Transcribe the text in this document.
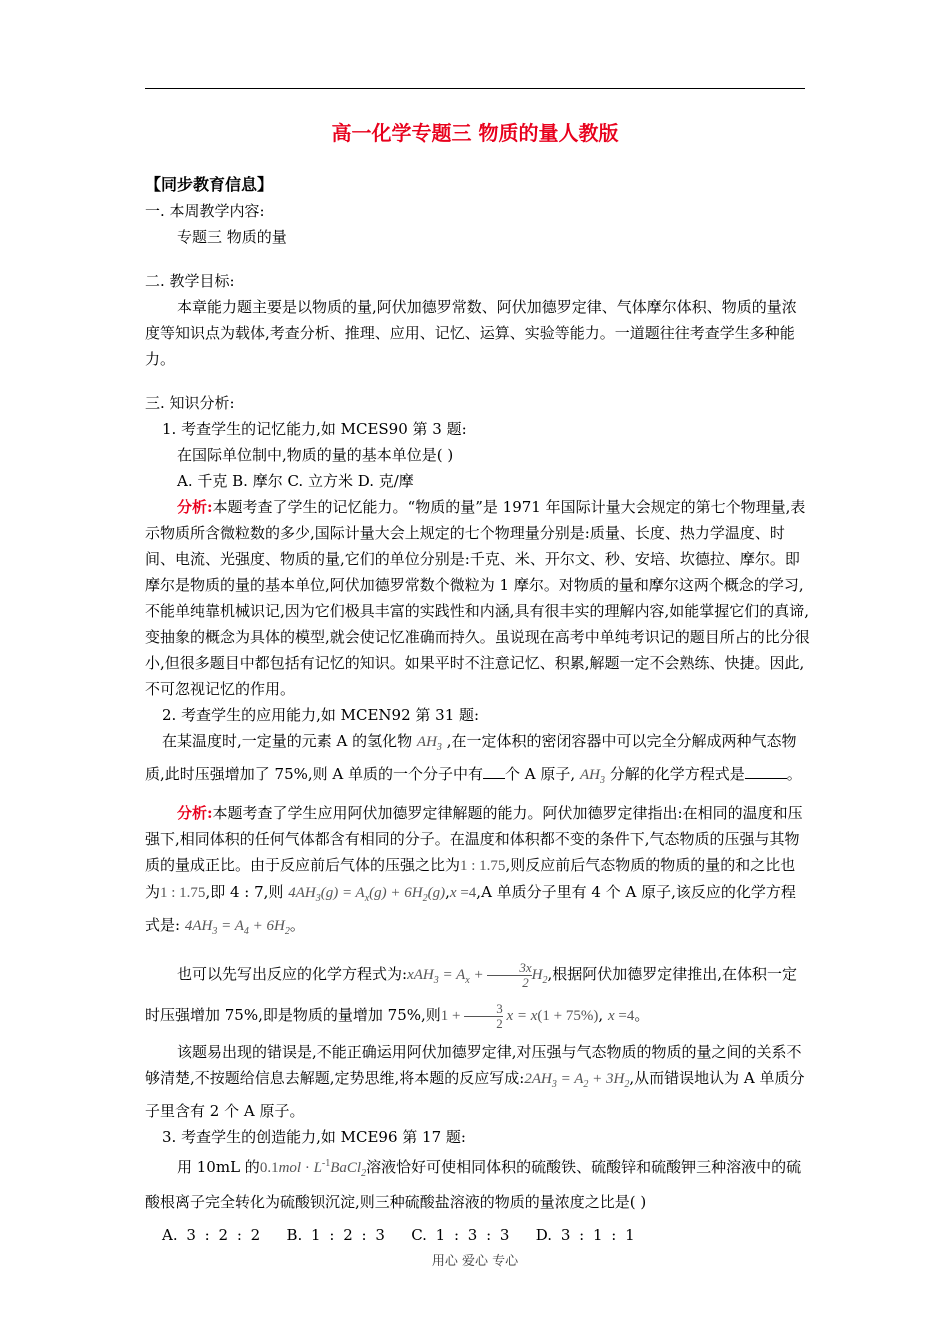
高一化学专题三 物质的量人教版

【同步教育信息】

一. 本周教学内容:

专题三 物质的量

二. 教学目标:

本章能力题主要是以物质的量,阿伏加德罗常数、阿伏加德罗定律、气体摩尔体积、物质的量浓度等知识点为载体,考查分析、推理、应用、记忆、运算、实验等能力。一道题往往考查学生多种能力。

三. 知识分析:

1. 考查学生的记忆能力,如 MCES90 第 3 题:

在国际单位制中,物质的量的基本单位是( )

A. 千克 B. 摩尔 C. 立方米 D. 克/摩

分析:本题考查了学生的记忆能力。“物质的量”是 1971 年国际计量大会规定的第七个物理量,表示物质所含微粒数的多少,国际计量大会上规定的七个物理量分别是:质量、长度、热力学温度、时间、电流、光强度、物质的量,它们的单位分别是:千克、米、开尔文、秒、安培、坎德拉、摩尔。即摩尔是物质的量的基本单位,阿伏加德罗常数个微粒为 1 摩尔。对物质的量和摩尔这两个概念的学习,不能单纯靠机械识记,因为它们极具丰富的实践性和内涵,具有很丰实的理解内容,如能掌握它们的真谛,变抽象的概念为具体的模型,就会使记忆准确而持久。虽说现在高考中单纯考识记的题目所占的比分很小,但很多题目中都包括有记忆的知识。如果平时不注意记忆、积累,解题一定不会熟练、快捷。因此,不可忽视记忆的作用。

2. 考查学生的应用能力,如 MCEN92 第 31 题:

在某温度时,一定量的元素 A 的氢化物 $AH_3$ ,在一定体积的密闭容器中可以完全分解成两种气态物质,此时压强增加了 75%,则 A 单质的一个分子中有 个 A 原子, $AH_3$ 分解的化学方程式是	。

分析:本题考查了学生应用阿伏加德罗定律解题的能力。阿伏加德罗定律指出:在相同的温度和压强下,相同体积的任何气体都含有相同的分子。在温度和体积都不变的条件下,气态物质的压强与其物质的量成正比。由于反应前后气体的压强之比为1 : 1.75,则反应前后气态物质的物质的量的和之比也为1 : 1.75,即 4 : 7,则 $4AH_3(g) = A_x(g) + 6H_2(g),x =4,A$ 单质分子里有 4 个 A 原子,该反应的化学方程式是: $4AH_3 = A_4 + 6H_2$。

也可以先写出反应的化学方程式为:xAH$_3$ = $A_x + \frac{3x}{2} H_2$,根据阿伏加德罗定律推出,在体积一定时压强增加 75%,即是物质的量增加 75%,则$1 + \frac{3}{2}$ x = x(1 + 75%), x =4。

该题易出现的错误是,不能正确运用阿伏加德罗定律,对压强与气态物质的物质的量之间的关系不够清楚,不按题给信息去解题,定势思维,将本题的反应写成$:2AH_3 = A_2 + 3H_2$,从而错误地认为 A 单质分子里含有 2 个 A 原子。

3. 考查学生的创造能力,如 MCE96 第 17 题:

用 10mL 的$0.1mol \cdot L^{-1}BaCl_2$溶液恰好可使相同体积的硫酸铁、硫酸锌和硫酸钾三种溶液中的硫酸根离子完全转化为硫酸钡沉淀,则三种硫酸盐溶液的物质的量浓度之比是( )

A. 3 : 2 : 2 B. 1 : 2 : 3 C. 1 : 3 : 3 D. 3 : 1 : 1

用心 爱心 专心
